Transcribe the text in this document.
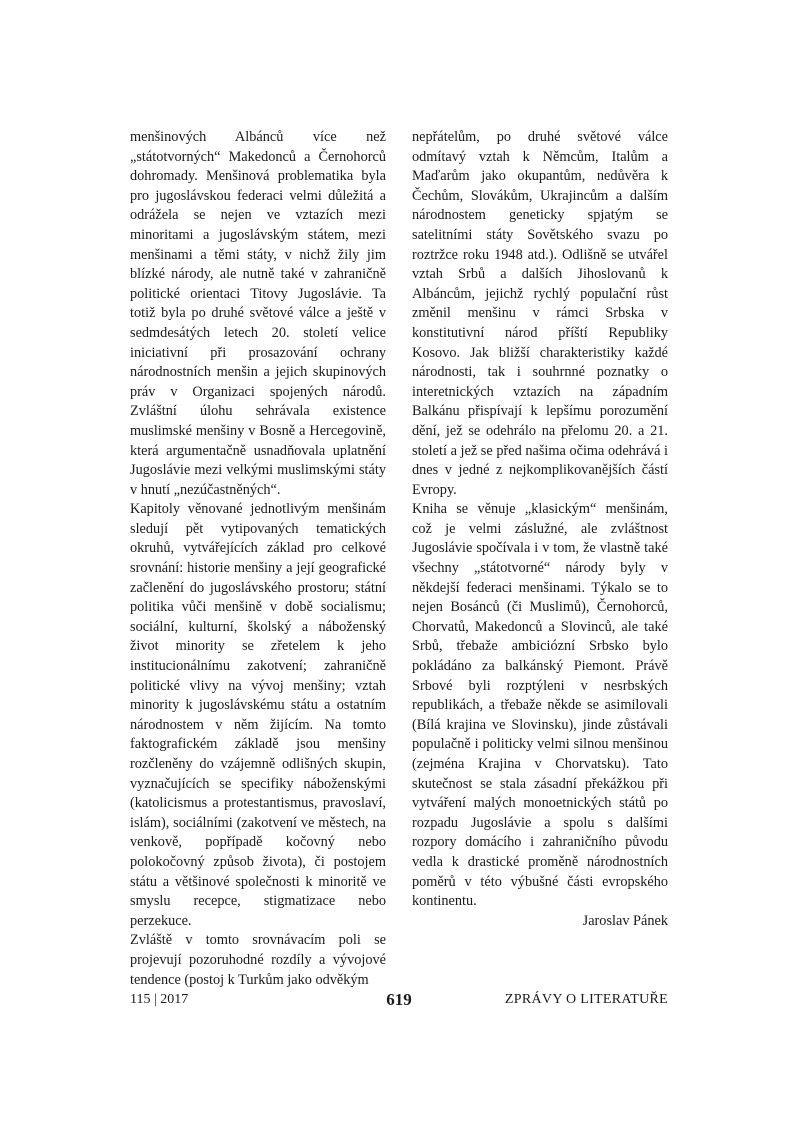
menšinových Albánců více než „státotvorných“ Makedonců a Černohorců dohromady. Menšinová problematika byla pro jugoslávskou federaci velmi důležitá a odrážela se nejen ve vztazích mezi minoritami a jugoslávským státem, mezi menšinami a těmi státy, v nichž žily jim blízké národy, ale nutně také v zahraničně politické orientaci Titovy Jugoslávie. Ta totiž byla po druhé světové válce a ještě v sedmdesátých letech 20. století velice iniciativní při prosazování ochrany národnostních menšin a jejich skupinových práv v Organizaci spojených národů. Zvláštní úlohu sehrávala existence muslimské menšiny v Bosně a Hercegovině, která argumentačně usnadňovala uplatnění Jugoslávie mezi velkými muslimskými státy v hnutí „nezúčastněných“.

Kapitoly věnované jednotlivým menšinám sledují pět vytipovaných tematických okruhů, vytvářejících základ pro celkové srovnání: historie menšiny a její geografické začlenění do jugoslávského prostoru; státní politika vůči menšině v době socialismu; sociální, kulturní, školský a náboženský život minority se zřetelem k jeho institucionálnímu zakotvení; zahraničně politické vlivy na vývoj menšiny; vztah minority k jugoslávskému státu a ostatním národnostem v něm žijícím. Na tomto faktografickém základě jsou menšiny rozčleněny do vzájemně odlišných skupin, vyznačujících se specifiky náboženskými (katolicismus a protestantismus, pravoslaví, islám), sociálními (zakotvení ve městech, na venkově, popřípadě kočovný nebo polokočovný způsob života), či postojem státu a většinové společnosti k minoritě ve smyslu recepce, stigmatizace nebo perzekuce.

Zvláště v tomto srovnávacím poli se projevují pozoruhodné rozdíly a vývojové tendence (postoj k Turkům jako odvěkým

nepřátelům, po druhé světové válce odmítavý vztah k Němcům, Italům a Maďarům jako okupantům, nedůvěra k Čechům, Slovákům, Ukrajincům a dalším národnostem geneticky spjatým se satelitními státy Sovětského svazu po roztržce roku 1948 atd.). Odlišně se utvářel vztah Srbů a dalších Jihoslovanů k Albáncům, jejichž rychlý populační růst změnil menšinu v rámci Srbska v konstitutivní národ příští Republiky Kosovo. Jak bližší charakteristiky každé národnosti, tak i souhrnné poznatky o interetnických vztazích na západním Balkánu přispívají k lepšímu porozumění dění, jež se odehrálo na přelomu 20. a 21. století a jež se před našima očima odehrává i dnes v jedné z nejkomplikovanějších částí Evropy.

Kniha se věnuje „klasickým“ menšinám, což je velmi záslužné, ale zvláštnost Jugoslávie spočívala i v tom, že vlastně také všechny „státotvorné“ národy byly v někdejší federaci menšinami. Týkalo se to nejen Bosánců (či Muslimů), Černohorců, Chorvatů, Makedonců a Slovinců, ale také Srbů, třebaže ambiciózní Srbsko bylo pokládáno za balkánský Piemont. Právě Srbové byli rozptýleni v nesrbských republikách, a třebaže někde se asimilovali (Bílá krajina ve Slovinsku), jinde zůstávali populačně i politicky velmi silnou menšinou (zejména Krajina v Chorvatsku). Tato skutečnost se stala zásadní překážkou při vytváření malých monoetnických států po rozpadu Jugoslávie a spolu s dalšími rozpory domácího i zahraničního původu vedla k drastické proměně národnostních poměrů v této výbušné části evropského kontinentu.

Jaroslav Pánek

115 | 2017	619	ZPRÁVY O LITERATUŘE
